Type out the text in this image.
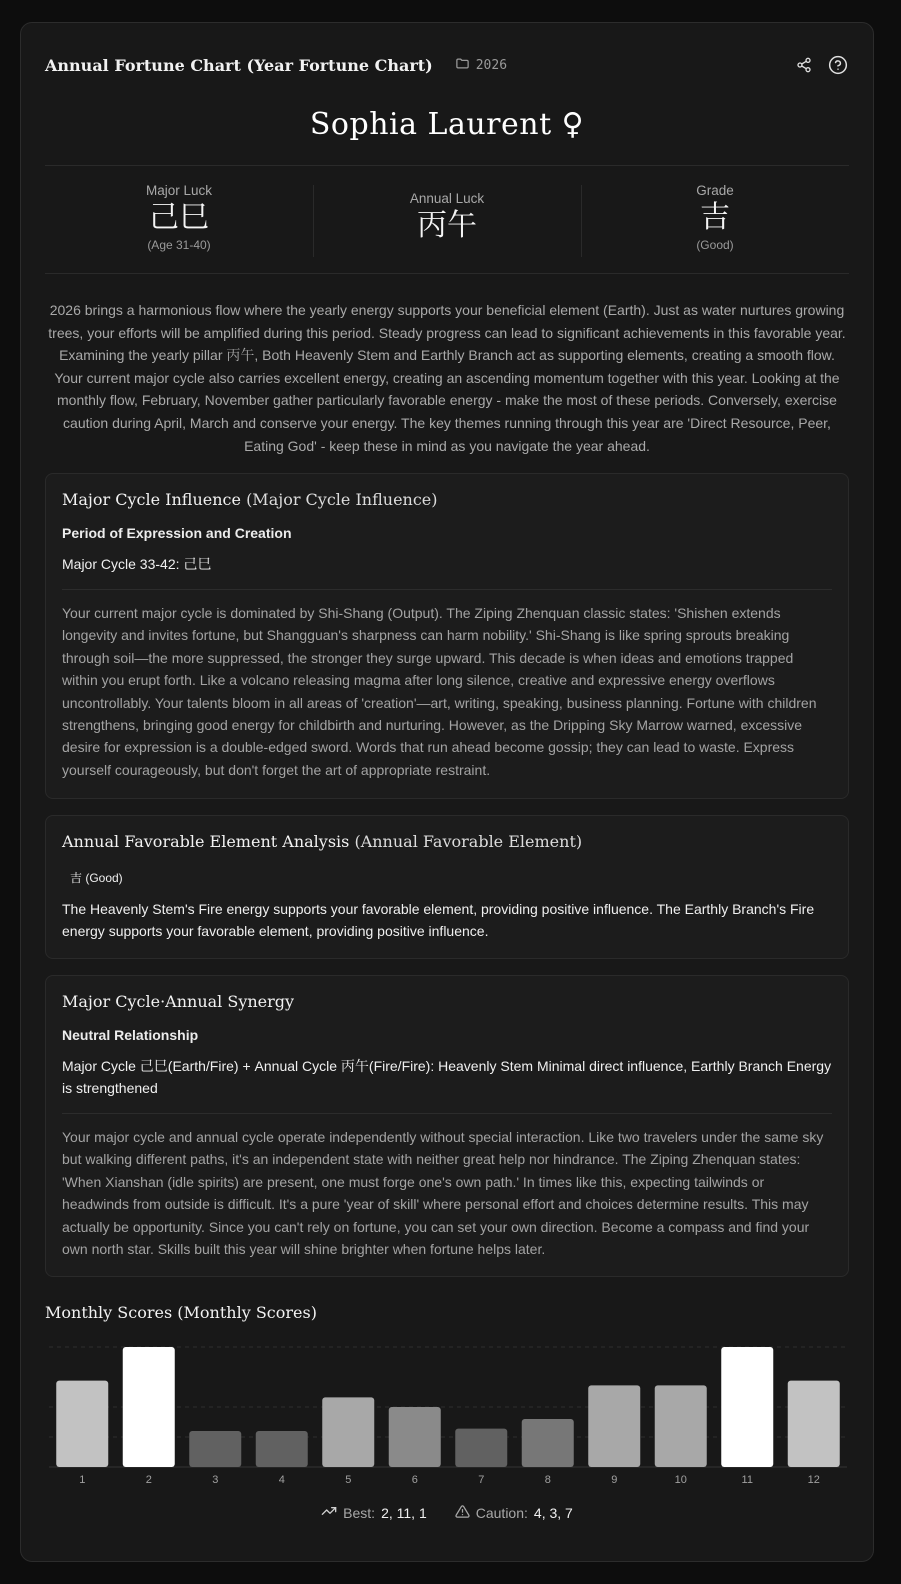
Annual Fortune Chart (Year Fortune Chart)	2026
Sophia Laurent ♀
Major Luck
己巳
(Age 31-40)
Annual Luck
丙午
Grade
吉
(Good)
2026 brings a harmonious flow where the yearly energy supports your beneficial element (Earth). Just as water nurtures growing trees, your efforts will be amplified during this period. Steady progress can lead to significant achievements in this favorable year. Examining the yearly pillar 丙午, Both Heavenly Stem and Earthly Branch act as supporting elements, creating a smooth flow. Your current major cycle also carries excellent energy, creating an ascending momentum together with this year. Looking at the monthly flow, February, November gather particularly favorable energy - make the most of these periods. Conversely, exercise caution during April, March and conserve your energy. The key themes running through this year are 'Direct Resource, Peer, Eating God' - keep these in mind as you navigate the year ahead.
Major Cycle Influence (Major Cycle Influence)
Period of Expression and Creation
Major Cycle 33-42: 己巳
Your current major cycle is dominated by Shi-Shang (Output). The Ziping Zhenquan classic states: 'Shishen extends longevity and invites fortune, but Shangguan's sharpness can harm nobility.' Shi-Shang is like spring sprouts breaking through soil—the more suppressed, the stronger they surge upward. This decade is when ideas and emotions trapped within you erupt forth. Like a volcano releasing magma after long silence, creative and expressive energy overflows uncontrollably. Your talents bloom in all areas of 'creation'—art, writing, speaking, business planning. Fortune with children strengthens, bringing good energy for childbirth and nurturing. However, as the Dripping Sky Marrow warned, excessive desire for expression is a double-edged sword. Words that run ahead become gossip; they can lead to waste. Express yourself courageously, but don't forget the art of appropriate restraint.
Annual Favorable Element Analysis (Annual Favorable Element)
吉 (Good)
The Heavenly Stem's Fire energy supports your favorable element, providing positive influence. The Earthly Branch's Fire energy supports your favorable element, providing positive influence.
Major Cycle·Annual Synergy
Neutral Relationship
Major Cycle 己巳(Earth/Fire) + Annual Cycle 丙午(Fire/Fire): Heavenly Stem Minimal direct influence, Earthly Branch Energy is strengthened
Your major cycle and annual cycle operate independently without special interaction. Like two travelers under the same sky but walking different paths, it's an independent state with neither great help nor hindrance. The Ziping Zhenquan states: 'When Xianshan (idle spirits) are present, one must forge one's own path.' In times like this, expecting tailwinds or headwinds from outside is difficult. It's a pure 'year of skill' where personal effort and choices determine results. This may actually be opportunity. Since you can't rely on fortune, you can set your own direction. Become a compass and find your own north star. Skills built this year will shine brighter when fortune helps later.
Monthly Scores (Monthly Scores)
1	2	3	4	5	6	7	8	9	10	11	12
Best: 2, 11, 1	Caution: 4, 3, 7
